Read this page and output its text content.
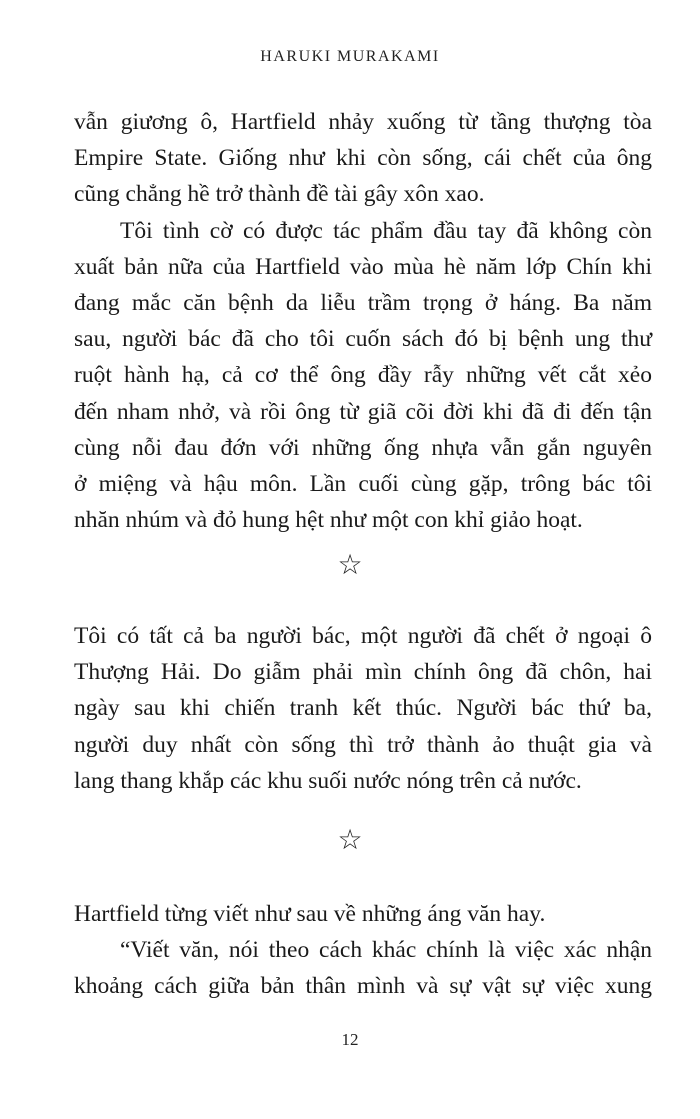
HARUKI MURAKAMI

vẫn giương ô, Hartfield nhảy xuống từ tầng thượng tòa
Empire State. Giống như khi còn sống, cái chết của ông
cũng chẳng hề trở thành đề tài gây xôn xao.

Tôi tình cờ có được tác phẩm đầu tay đã không còn
xuất bản nữa của Hartfield vào mùa hè năm lớp Chín khi
đang mắc căn bệnh da liễu trầm trọng ở háng. Ba năm
sau, người bác đã cho tôi cuốn sách đó bị bệnh ung thư
ruột hành hạ, cả cơ thể ông đầy rẫy những vết cắt xẻo
đến nham nhở, và rồi ông từ giã cõi đời khi đã đi đến tận
cùng nỗi đau đớn với những ống nhựa vẫn gắn nguyên
ở miệng và hậu môn. Lần cuối cùng gặp, trông bác tôi
nhăn nhúm và đỏ hung hệt như một con khỉ giảo hoạt.

☆

Tôi có tất cả ba người bác, một người đã chết ở ngoại ô
Thượng Hải. Do giẫm phải mìn chính ông đã chôn, hai
ngày sau khi chiến tranh kết thúc. Người bác thứ ba,
người duy nhất còn sống thì trở thành ảo thuật gia và
lang thang khắp các khu suối nước nóng trên cả nước.

☆

Hartfield từng viết như sau về những áng văn hay.

“Viết văn, nói theo cách khác chính là việc xác nhận
khoảng cách giữa bản thân mình và sự vật sự việc xung

12
